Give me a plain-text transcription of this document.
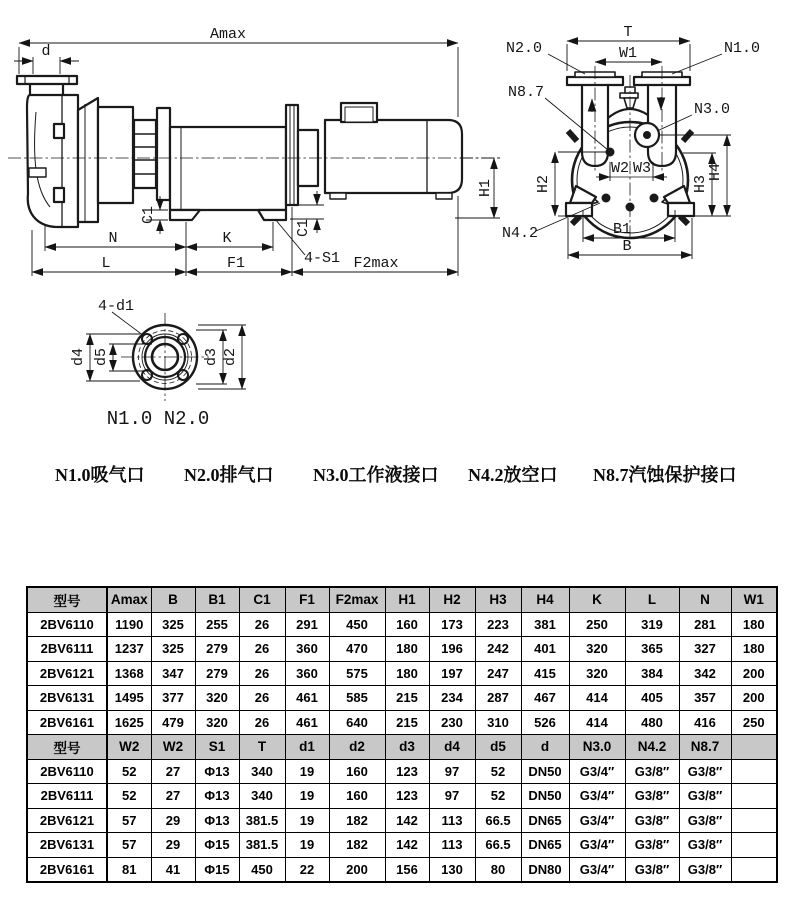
Amax
d
C1
C1
N	K
L	F1	4-S1 F2max
H1
T
W1
N2.0	N1.0
N8.7
N3.0
N4.2
W2 W3
H2	H3
H4
B1
B
4-d1
d4 d5	d3 d2
N1.0 N2.0
N1.0吸气口 N2.0排气口 N3.0工作液接口 N4.2放空口 N8.7汽蚀保护接口
型号	Amax	B	B1	C1	F1	F2max	H1	H2	H3	H4	K	L	N	W1
2BV6110	1190	325	255	26	291	450	160	173	223	381	250	319	281	180
2BV6111	1237	325	279	26	360	470	180	196	242	401	320	365	327	180
2BV6121	1368	347	279	26	360	575	180	197	247	415	320	384	342	200
2BV6131	1495	377	320	26	461	585	215	234	287	467	414	405	357	200
2BV6161	1625	479	320	26	461	640	215	230	310	526	414	480	416	250
型号	W2	W2	S1	T	d1	d2	d3	d4	d5	d	N3.0	N4.2	N8.7	
2BV6110	52	27	Φ13	340	19	160	123	97	52	DN50	G3/4″	G3/8″	G3/8″	
2BV6111	52	27	Φ13	340	19	160	123	97	52	DN50	G3/4″	G3/8″	G3/8″	
2BV6121	57	29	Φ13	381.5	19	182	142	113	66.5	DN65	G3/4″	G3/8″	G3/8″	
2BV6131	57	29	Φ15	381.5	19	182	142	113	66.5	DN65	G3/4″	G3/8″	G3/8″	
2BV6161	81	41	Φ15	450	22	200	156	130	80	DN80	G3/4″	G3/8″	G3/8″	
